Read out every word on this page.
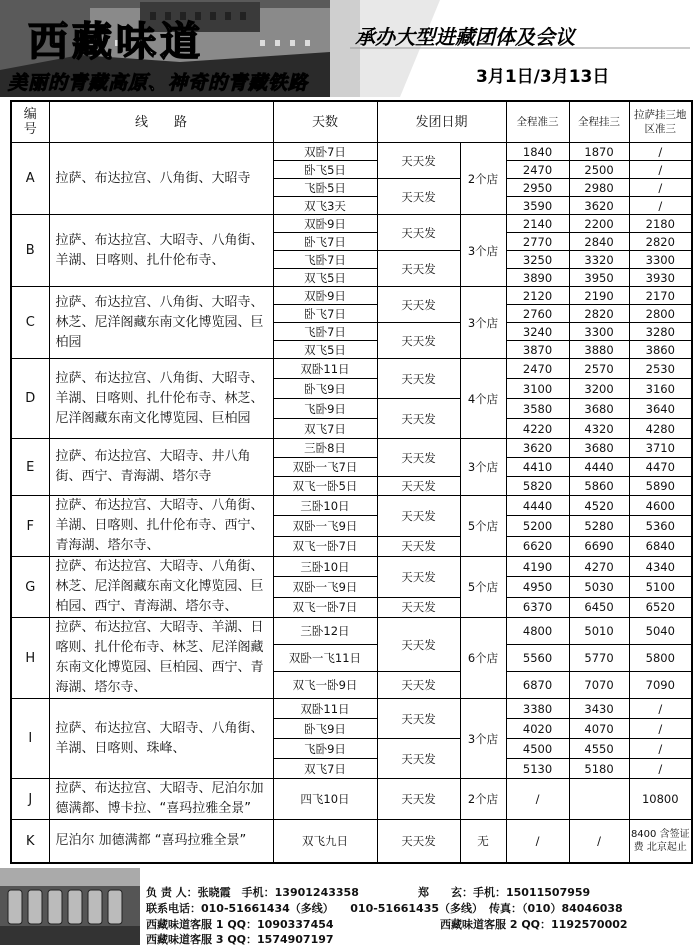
西藏味道	承办大型进藏团体及会议
美丽的青藏高原、神奇的青藏铁路	3月1日/3月13日
编号	线　　路	天数	发团日期		全程准三	全程挂三	拉萨挂三地区准三
A	拉萨、布达拉宫、八角街、大昭寺	双卧7日	天天发	2个店	1840	1870	/
		卧飞5日			2470	2500	/
		飞卧5日	天天发		2950	2980	/
		双飞3天			3590	3620	/
B	拉萨、布达拉宫、大昭寺、八角街、羊湖、日喀则、扎什伦布寺、	双卧9日	天天发	3个店	2140	2200	2180
		卧飞7日			2770	2840	2820
		飞卧7日	天天发		3250	3320	3300
		双飞5日			3890	3950	3930
C	拉萨、布达拉宫、八角街、大昭寺、林芝、尼洋阁藏东南文化博览园、巨柏园	双卧9日	天天发	3个店	2120	2190	2170
		卧飞7日			2760	2820	2800
		飞卧7日	天天发		3240	3300	3280
		双飞5日			3870	3880	3860
D	拉萨、布达拉宫、八角街、大昭寺、羊湖、日喀则、扎什伦布寺、林芝、尼洋阁藏东南文化博览园、巨柏园	双卧11日	天天发	4个店	2470	2570	2530
		卧飞9日			3100	3200	3160
		飞卧9日	天天发		3580	3680	3640
		双飞7日			4220	4320	4280
E	拉萨、布达拉宫、大昭寺、井八角街、西宁、青海湖、塔尔寺	三卧8日	天天发	3个店	3620	3680	3710
		双卧一飞7日			4410	4440	4470
		双飞一卧5日	天天发		5820	5860	5890
F	拉萨、布达拉宫、大昭寺、八角街、羊湖、日喀则、扎什伦布寺、西宁、青海湖、塔尔寺、	三卧10日	天天发	5个店	4440	4520	4600
		双卧一飞9日			5200	5280	5360
		双飞一卧7日	天天发		6620	6690	6840
G	拉萨、布达拉宫、大昭寺、八角街、林芝、尼洋阁藏东南文化博览园、巨柏园、西宁、青海湖、塔尔寺、	三卧10日	天天发	5个店	4190	4270	4340
		双卧一飞9日			4950	5030	5100
		双飞一卧7日	天天发		6370	6450	6520
H	拉萨、布达拉宫、大昭寺、羊湖、日喀则、扎什伦布寺、林芝、尼洋阁藏东南文化博览园、巨柏园、西宁、青海湖、塔尔寺、	三卧12日	天天发	6个店	4800	5010	5040
		双卧一飞11日			5560	5770	5800
		双飞一卧9日	天天发		6870	7070	7090
I	拉萨、布达拉宫、大昭寺、八角街、羊湖、日喀则、珠峰、	双卧11日	天天发	3个店	3380	3430	/
		卧飞9日			4020	4070	/
		飞卧9日	天天发		4500	4550	/
		双飞7日			5130	5180	/
J	拉萨、布达拉宫、大昭寺、尼泊尔加德满都、博卡拉、“喜玛拉雅全景”	四飞10日	天天发	2个店	/		10800
K	尼泊尔 加德满都 “喜玛拉雅全景”	双飞九日	天天发	无	/	/	8400 含签证费 北京起止
负 责 人：张晓霞　手机：13901243358	郑　　玄：手机：15011507959
联系电话：010-51661434（多线）　　010-51661435（多线） 传真：（010）84046038
西藏味道客服 1 QQ：1090337454	西藏味道客服 2 QQ：1192570002
西藏味道客服 3 QQ：1574907197
